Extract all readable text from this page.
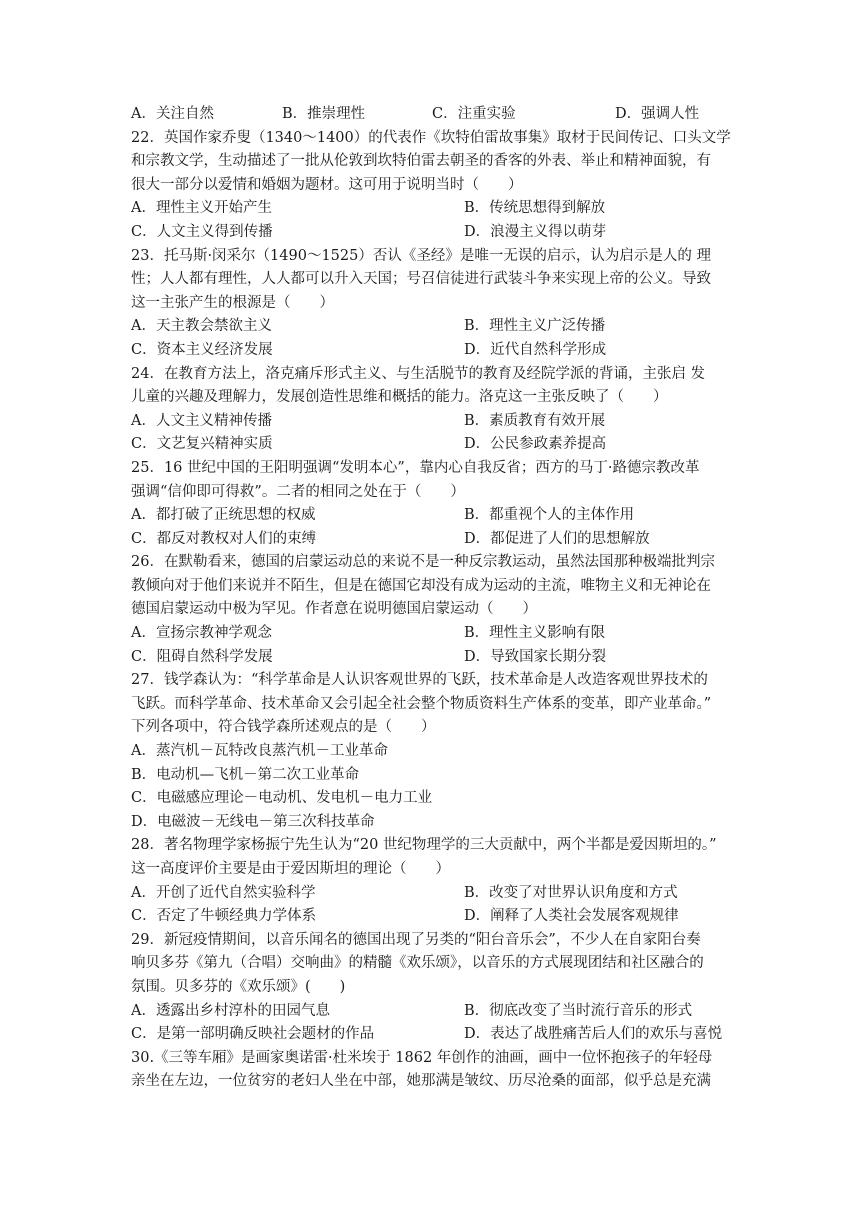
A．关注自然	B．推崇理性	C．注重实验	D．强调人性
22．英国作家乔叟（1340～1400）的代表作《坎特伯雷故事集》取材于民间传记、口头文学
和宗教文学，生动描述了一批从伦敦到坎特伯雷去朝圣的香客的外表、举止和精神面貌，有
很大一部分以爱情和婚姻为题材。这可用于说明当时（　　）
A．理性主义开始产生	B．传统思想得到解放
C．人文主义得到传播	D．浪漫主义得以萌芽
23．托马斯·闵采尔（1490～1525）否认《圣经》是唯一无误的启示，认为启示是人的 理
性；人人都有理性，人人都可以升入天国；号召信徒进行武装斗争来实现上帝的公义。导致
这一主张产生的根源是（　　）
A．天主教会禁欲主义	B．理性主义广泛传播
C．资本主义经济发展	D．近代自然科学形成
24．在教育方法上，洛克痛斥形式主义、与生活脱节的教育及经院学派的背诵，主张启 发
儿童的兴趣及理解力，发展创造性思维和概括的能力。洛克这一主张反映了（　　）
A．人文主义精神传播	B．素质教育有效开展
C．文艺复兴精神实质	D．公民参政素养提高
25．16 世纪中国的王阳明强调“发明本心”，靠内心自我反省；西方的马丁·路德宗教改革
强调“信仰即可得救”。二者的相同之处在于（　　）
A．都打破了正统思想的权威	B．都重视个人的主体作用
C．都反对教权对人们的束缚	D．都促进了人们的思想解放
26．在默勒看来，德国的启蒙运动总的来说不是一种反宗教运动，虽然法国那种极端批判宗
教倾向对于他们来说并不陌生，但是在德国它却没有成为运动的主流，唯物主义和无神论在
德国启蒙运动中极为罕见。作者意在说明德国启蒙运动（　　）
A．宣扬宗教神学观念	B．理性主义影响有限
C．阻碍自然科学发展	D．导致国家长期分裂
27．钱学森认为：“科学革命是人认识客观世界的飞跃，技术革命是人改造客观世界技术的
飞跃。而科学革命、技术革命又会引起全社会整个物质资料生产体系的变革，即产业革命。”
下列各项中，符合钱学森所述观点的是（　　）
A．蒸汽机－瓦特改良蒸汽机－工业革命
B．电动机—飞机－第二次工业革命
C．电磁感应理论－电动机、发电机－电力工业
D．电磁波－无线电－第三次科技革命
28．著名物理学家杨振宁先生认为“20 世纪物理学的三大贡献中，两个半都是爱因斯坦的。”
这一高度评价主要是由于爱因斯坦的理论（　　）
A．开创了近代自然实验科学	B．改变了对世界认识角度和方式
C．否定了牛顿经典力学体系	D．阐释了人类社会发展客观规律
29．新冠疫情期间，以音乐闻名的德国出现了另类的“阳台音乐会”，不少人在自家阳台奏
响贝多芬《第九（合唱）交响曲》的精髓《欢乐颂》，以音乐的方式展现团结和社区融合的
氛围。贝多芬的《欢乐颂》(　　)
A．透露出乡村淳朴的田园气息	B．彻底改变了当时流行音乐的形式
C．是第一部明确反映社会题材的作品	D．表达了战胜痛苦后人们的欢乐与喜悦
30.《三等车厢》是画家奥诺雷·杜米埃于 1862 年创作的油画，画中一位怀抱孩子的年轻母
亲坐在左边，一位贫穷的老妇人坐在中部，她那满是皱纹、历尽沧桑的面部，似乎总是充满
